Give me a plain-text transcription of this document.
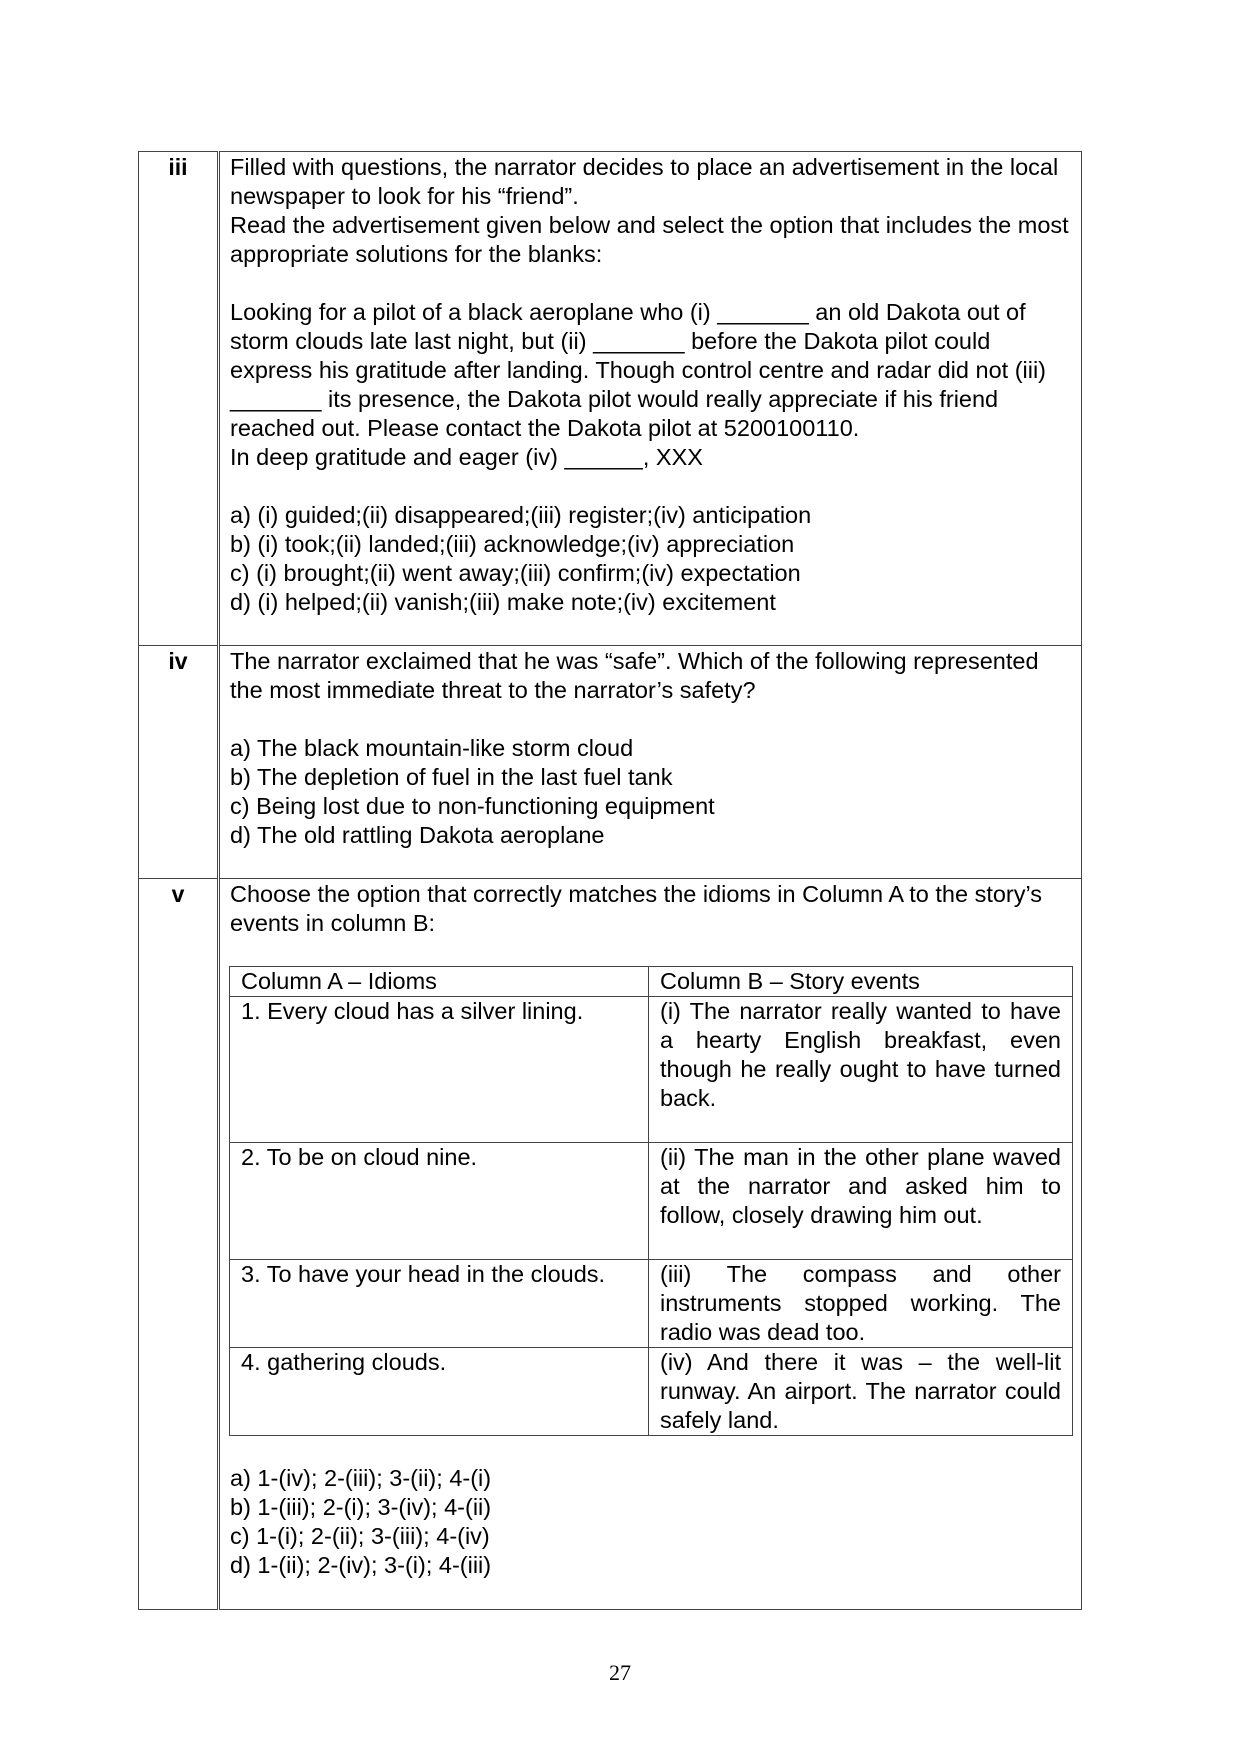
iii	Filled with questions, the narrator decides to place an advertisement in the local newspaper to look for his “friend”.

Read the advertisement given below and select the option that includes the most appropriate solutions for the blanks:

Looking for a pilot of a black aeroplane who (i) _______ an old Dakota out of storm clouds late last night, but (ii) _______ before the Dakota pilot could express his gratitude after landing. Though control centre and radar did not (iii) _______ its presence, the Dakota pilot would really appreciate if his friend reached out. Please contact the Dakota pilot at 5200100110.

In deep gratitude and eager (iv) ______, XXX

a) (i) guided;(ii) disappeared;(iii) register;(iv) anticipation

b) (i) took;(ii) landed;(iii) acknowledge;(iv) appreciation

c) (i) brought;(ii) went away;(iii) confirm;(iv) expectation

d) (i) helped;(ii) vanish;(iii) make note;(iv) excitement

iv	The narrator exclaimed that he was “safe”. Which of the following represented the most immediate threat to the narrator’s safety?

a) The black mountain-like storm cloud

b) The depletion of fuel in the last fuel tank

c) Being lost due to non-functioning equipment

d) The old rattling Dakota aeroplane

v	Choose the option that correctly matches the idioms in Column A to the story’s events in column B:

Column A – Idioms	Column B – Story events
1. Every cloud has a silver lining.	(i) The narrator really wanted to have a hearty English breakfast, even though he really ought to have turned back.
2. To be on cloud nine.	(ii) The man in the other plane waved at the narrator and asked him to follow, closely drawing him out.
3. To have your head in the clouds.	(iii) The compass and other instruments stopped working. The radio was dead too.
4. gathering clouds.	(iv) And there it was – the well-lit runway. An airport. The narrator could safely land.

a) 1-(iv); 2-(iii); 3-(ii); 4-(i)

b) 1-(iii); 2-(i); 3-(iv); 4-(ii)

c) 1-(i); 2-(ii); 3-(iii); 4-(iv)

d) 1-(ii); 2-(iv); 3-(i); 4-(iii)

27
